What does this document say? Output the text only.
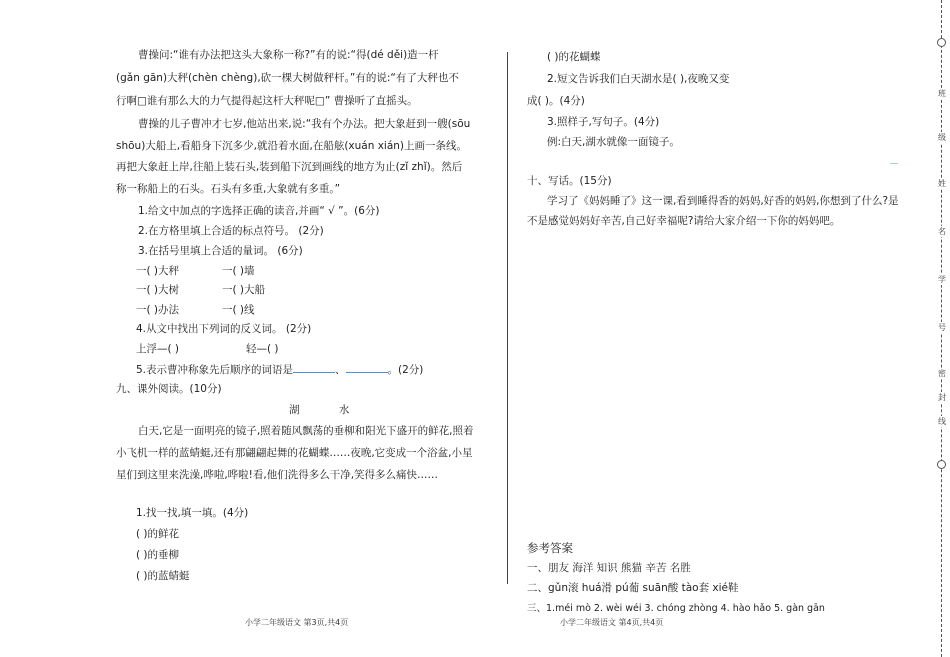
曹操问:“谁有办法把这头大象称一称?”有的说:“得(dé děi)造一杆
(gǎn gān)大秤(chèn chèng),砍一棵大树做秤杆。”有的说:“有了大秤也不
行啊□谁有那么大的力气提得起这杆大秤呢□” 曹操听了直摇头。
曹操的儿子曹冲才七岁,他站出来,说:“我有个办法。把大象赶到一艘(sōu
shōu)大船上,看船身下沉多少,就沿着水面,在船舷(xuán xián)上画一条线。
再把大象赶上岸,往船上装石头,装到船下沉到画线的地方为止(zǐ zhǐ)。然后
称一称船上的石头。石头有多重,大象就有多重。”
1.给文中加点的字选择正确的读音,并画“ √ ”。(6分)
2.在方格里填上合适的标点符号。 (2分)
3.在括号里填上合适的量词。 (6分)
一( )大秤	一( )墙
一( )大树	一( )大船
一( )办法	一( )线
4.从文中找出下列词的反义词。 (2分)
上浮—( )	轻—( )
5.表示曹冲称象先后顺序的词语是	、	。(2分)
九、课外阅读。(10分)
湖 水
白天,它是一面明亮的镜子,照着随风飘荡的垂柳和阳光下盛开的鲜花,照着
小飞机一样的蓝蜻蜓,还有那翩翩起舞的花蝴蝶……夜晚,它变成一个浴盆,小星
星们到这里来洗澡,哗啦,哗啦!看,他们洗得多么干净,笑得多么痛快……
1.找一找,填一填。(4分)
( )的鲜花
( )的垂柳
( )的蓝蜻蜓
小学二年级语文 第3页,共4页
( )的花蝴蝶
2.短文告诉我们白天湖水是( ),夜晚又变
成( )。(4分)
3.照样子,写句子。(4分)
例:白天,湖水就像一面镜子。
十、写话。(15分)
学习了《妈妈睡了》这一课,看到睡得香的妈妈,好香的妈妈,你想到了什么?是
不是感觉妈妈好辛苦,自己好幸福呢?请给大家介绍一下你的妈妈吧。
参考答案
一、朋友 海洋 知识 熊猫 辛苦 名胜
二、gǔn滚 huá滑 pú葡 suān酸 tào套 xié鞋
三、1.méi mò 2. wèi wéi 3. chóng zhòng 4. hào hǎo 5. gàn gān
小学二年级语文 第4页,共4页
班
级
姓
名
学
号
密
封
线
